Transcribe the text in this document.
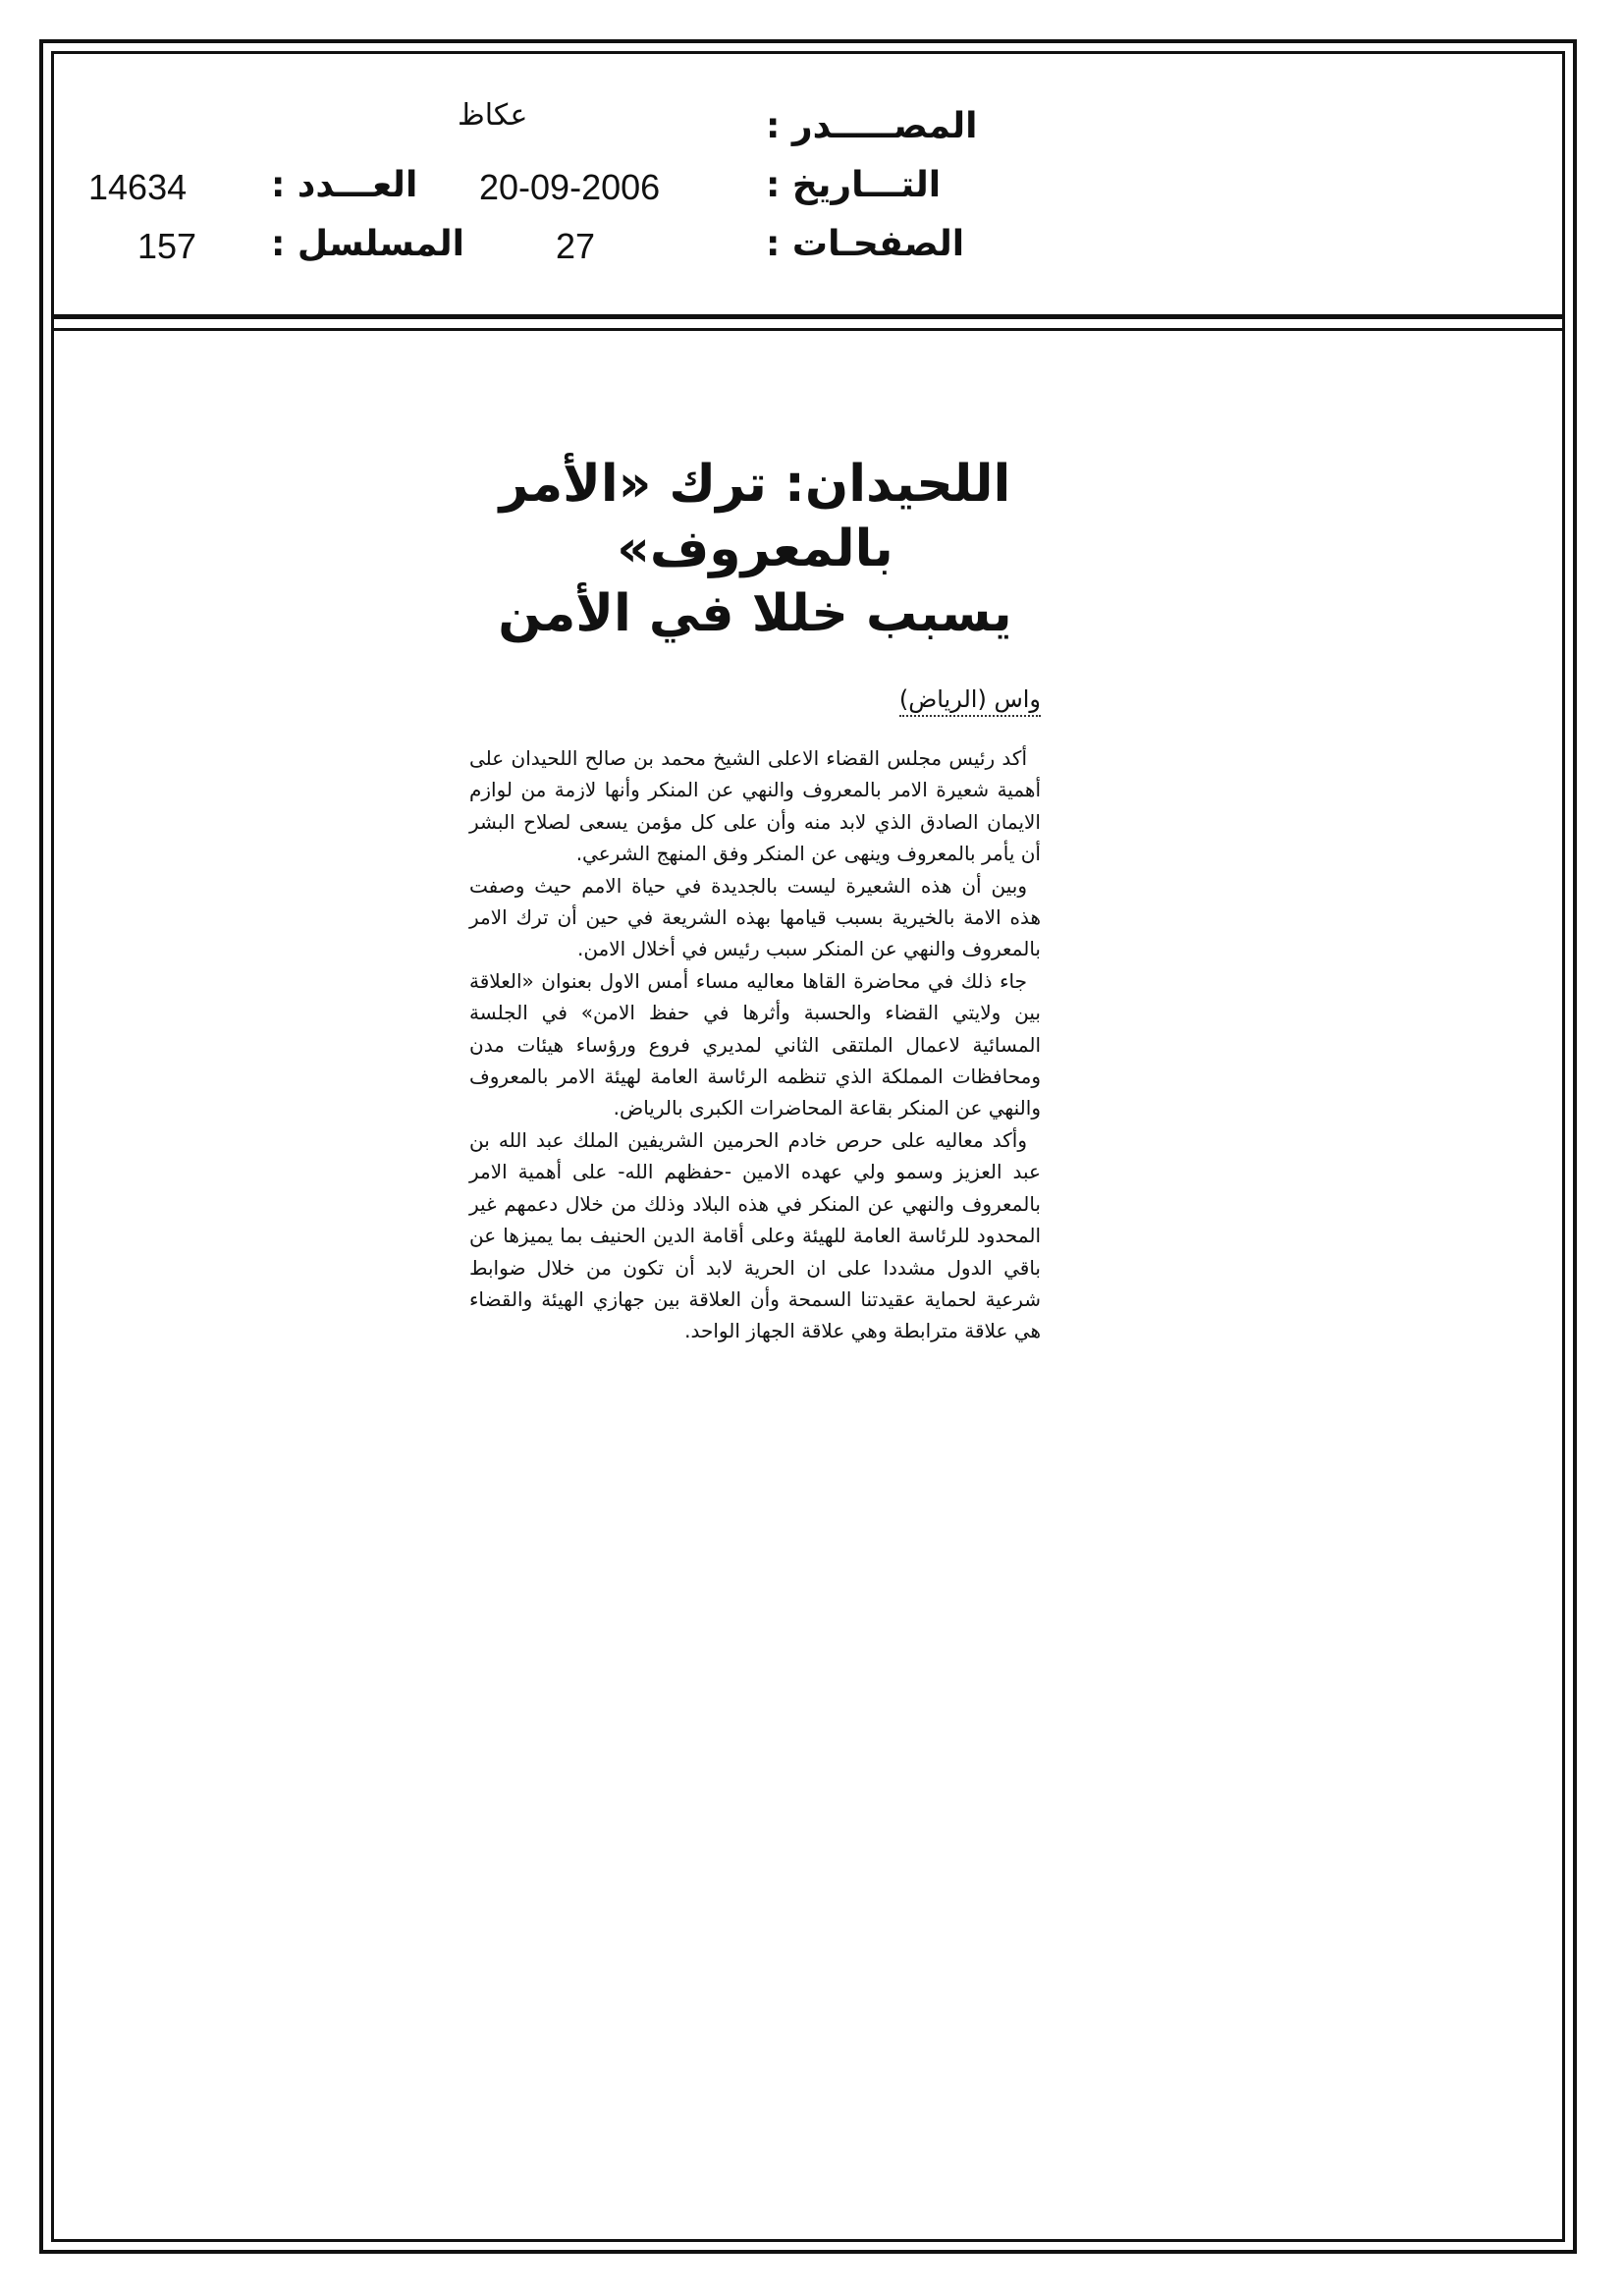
المصـــــدر :
عكاظ
التـــاريخ :
20-09-2006
العـــدد :
14634
الصفحـات :
27
المسلسل :
157
اللحيدان: ترك «الأمر بالمعروف»
يسبب خللا في الأمن
واس (الرياض)

أكد رئيس مجلس القضاء الاعلى الشيخ محمد بن صالح اللحيدان على أهمية شعيرة الامر بالمعروف والنهي عن المنكر وأنها لازمة من لوازم الايمان الصادق الذي لابد منه وأن على كل مؤمن يسعى لصلاح البشر أن يأمر بالمعروف وينهى عن المنكر وفق المنهج الشرعي.

وبين أن هذه الشعيرة ليست بالجديدة في حياة الامم حيث وصفت هذه الامة بالخيرية بسبب قيامها بهذه الشريعة في حين أن ترك الامر بالمعروف والنهي عن المنكر سبب رئيس في أخلال الامن.

جاء ذلك في محاضرة القاها معاليه مساء أمس الاول بعنوان «العلاقة بين ولايتي القضاء والحسبة وأثرها في حفظ الامن» في الجلسة المسائية لاعمال الملتقى الثاني لمديري فروع ورؤساء هيئات مدن ومحافظات المملكة الذي تنظمه الرئاسة العامة لهيئة الامر بالمعروف والنهي عن المنكر بقاعة المحاضرات الكبرى بالرياض.

وأكد معاليه على حرص خادم الحرمين الشريفين الملك عبد الله بن عبد العزيز وسمو ولي عهده الامين -حفظهم الله- على أهمية الامر بالمعروف والنهي عن المنكر في هذه البلاد وذلك من خلال دعمهم غير المحدود للرئاسة العامة للهيئة وعلى أقامة الدين الحنيف بما يميزها عن باقي الدول مشددا على ان الحرية لابد أن تكون من خلال ضوابط شرعية لحماية عقيدتنا السمحة وأن العلاقة بين جهازي الهيئة والقضاء هي علاقة مترابطة وهي علاقة الجهاز الواحد.
